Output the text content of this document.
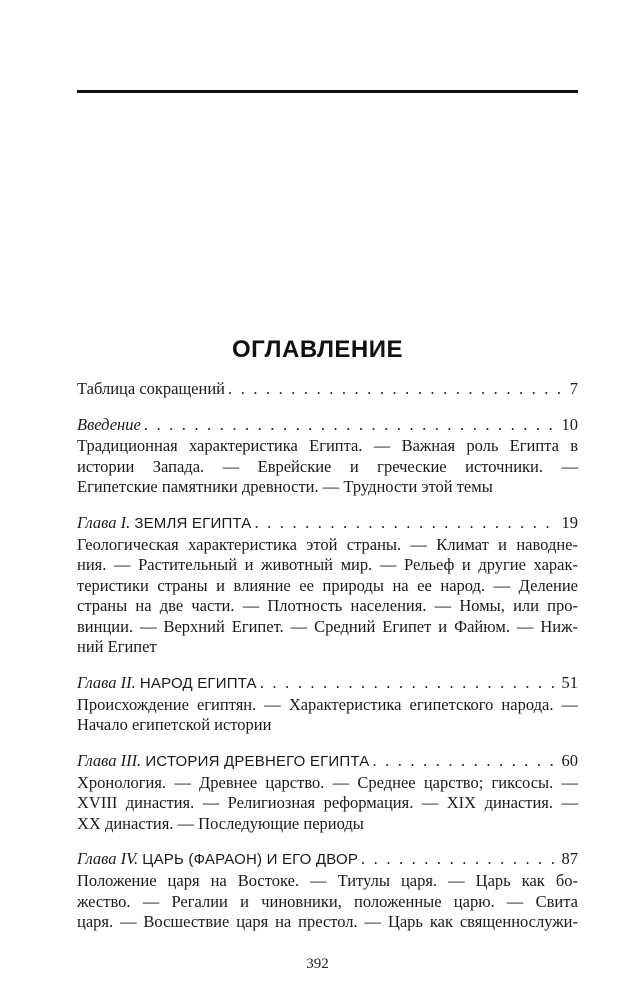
ОГЛАВЛЕНИЕ
Таблица сокращений . . .	7
Введение . . .	10
Традиционная характеристика Египта. — Важная роль Египта в
истории Запада. — Еврейские и греческие источники. —
Египетские памятники древности. — Трудности этой темы
Глава I. ЗЕМЛЯ ЕГИПТА . . .	19
Геологическая характеристика этой страны. — Климат и наводне-
ния. — Растительный и животный мир. — Рельеф и другие харак-
теристики страны и влияние ее природы на ее народ. — Деление
страны на две части. — Плотность населения. — Номы, или про-
винции. — Верхний Египет. — Средний Египет и Файюм. — Ниж-
ний Египет
Глава II. НАРОД ЕГИПТА . . .	51
Происхождение египтян. — Характеристика египетского народа. —
Начало египетской истории
Глава III. ИСТОРИЯ ДРЕВНЕГО ЕГИПТА . . .	60
Хронология. — Древнее царство. — Среднее царство; гиксосы. —
XVIII династия. — Религиозная реформация. — XIX династия. —
XX династия. — Последующие периоды
Глава IV. ЦАРЬ (ФАРАОН) И ЕГО ДВОР . . .	87
Положение царя на Востоке. — Титулы царя. — Царь как бо-
жество. — Регалии и чиновники, положенные царю. — Свита
царя. — Восшествие царя на престол. — Царь как священнослужи-
392
